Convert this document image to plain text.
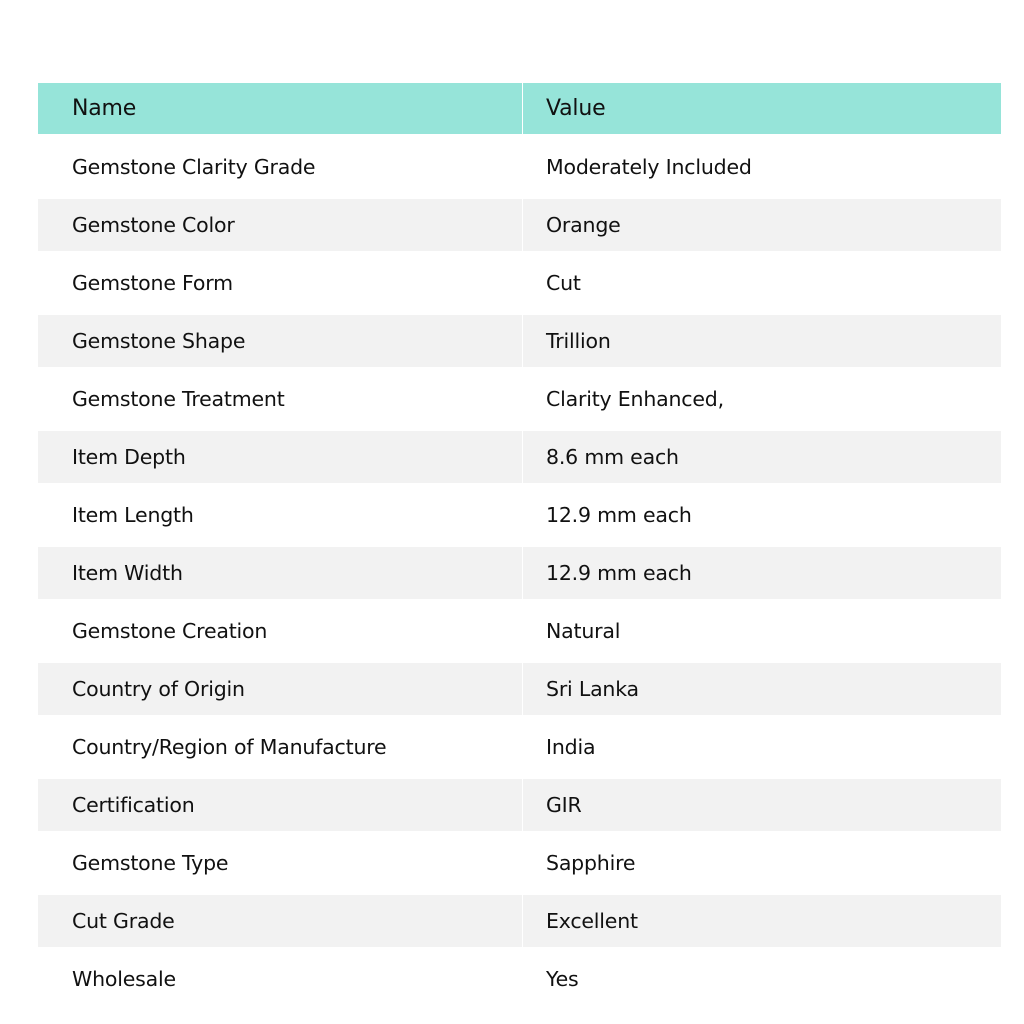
Name	Value
Gemstone Clarity Grade	Moderately Included
Gemstone Color	Orange
Gemstone Form	Cut
Gemstone Shape	Trillion
Gemstone Treatment	Clarity Enhanced,
Item Depth	8.6 mm each
Item Length	12.9 mm each
Item Width	12.9 mm each
Gemstone Creation	Natural
Country of Origin	Sri Lanka
Country/Region of Manufacture	India
Certification	GIR
Gemstone Type	Sapphire
Cut Grade	Excellent
Wholesale	Yes
